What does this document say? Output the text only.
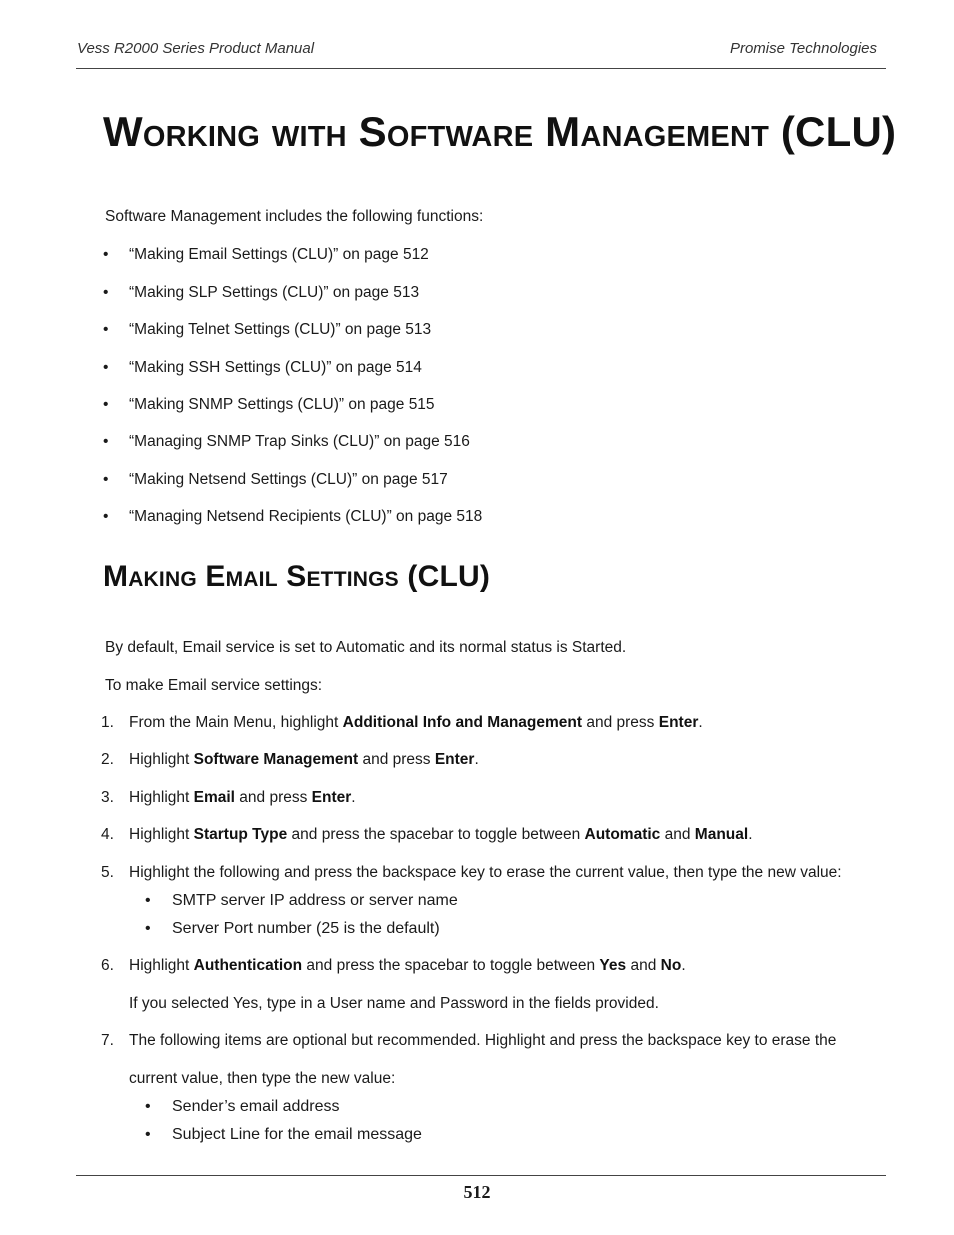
Vess R2000 Series Product Manual	Promise Technologies
Working with Software Management (CLU)
Software Management includes the following functions:
• “Making Email Settings (CLU)” on page 512
• “Making SLP Settings (CLU)” on page 513
• “Making Telnet Settings (CLU)” on page 513
• “Making SSH Settings (CLU)” on page 514
• “Making SNMP Settings (CLU)” on page 515
• “Managing SNMP Trap Sinks (CLU)” on page 516
• “Making Netsend Settings (CLU)” on page 517
• “Managing Netsend Recipients (CLU)” on page 518
Making Email Settings (CLU)
By default, Email service is set to Automatic and its normal status is Started.
To make Email service settings:
1. From the Main Menu, highlight Additional Info and Management and press Enter.
2. Highlight Software Management and press Enter.
3. Highlight Email and press Enter.
4. Highlight Startup Type and press the spacebar to toggle between Automatic and Manual.
5. Highlight the following and press the backspace key to erase the current value, then type the new value:
• SMTP server IP address or server name
• Server Port number (25 is the default)
6. Highlight Authentication and press the spacebar to toggle between Yes and No.
If you selected Yes, type in a User name and Password in the fields provided.
7. The following items are optional but recommended. Highlight and press the backspace key to erase the
current value, then type the new value:
• Sender’s email address
• Subject Line for the email message
512
